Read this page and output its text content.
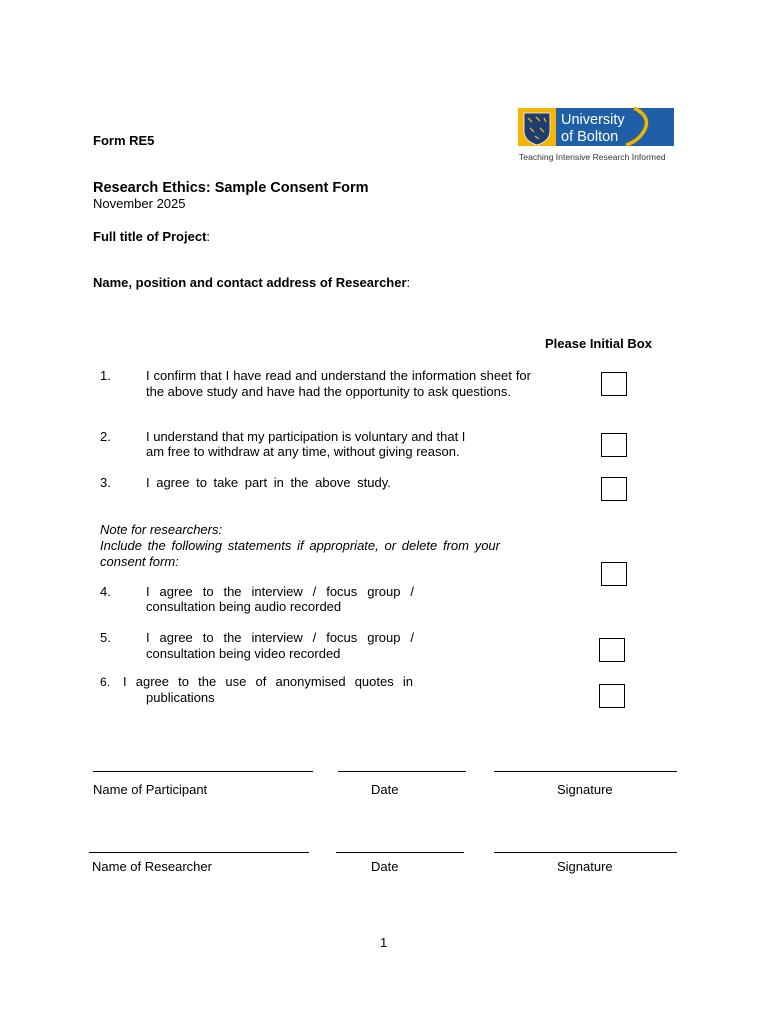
Form RE5
University
of Bolton
Teaching Intensive Research Informed
Research Ethics: Sample Consent Form
November 2025
Full title of Project:
Name, position and contact address of Researcher:
Please Initial Box
1.	I confirm that I have read and understand the information sheet for the above study and have had the opportunity to ask questions.
2.	I understand that my participation is voluntary and that I
am free to withdraw at any time, without giving reason.
3.	I agree to take part in the above study.
Note for researchers:
Include the following statements if appropriate, or delete from your consent form:
4.	I agree to the interview / focus group /
consultation being audio recorded
5.	I agree to the interview / focus group /
consultation being video recorded
6. I agree to the use of anonymised quotes in
publications
Name of Participant	Date	Signature
Name of Researcher	Date	Signature
1
